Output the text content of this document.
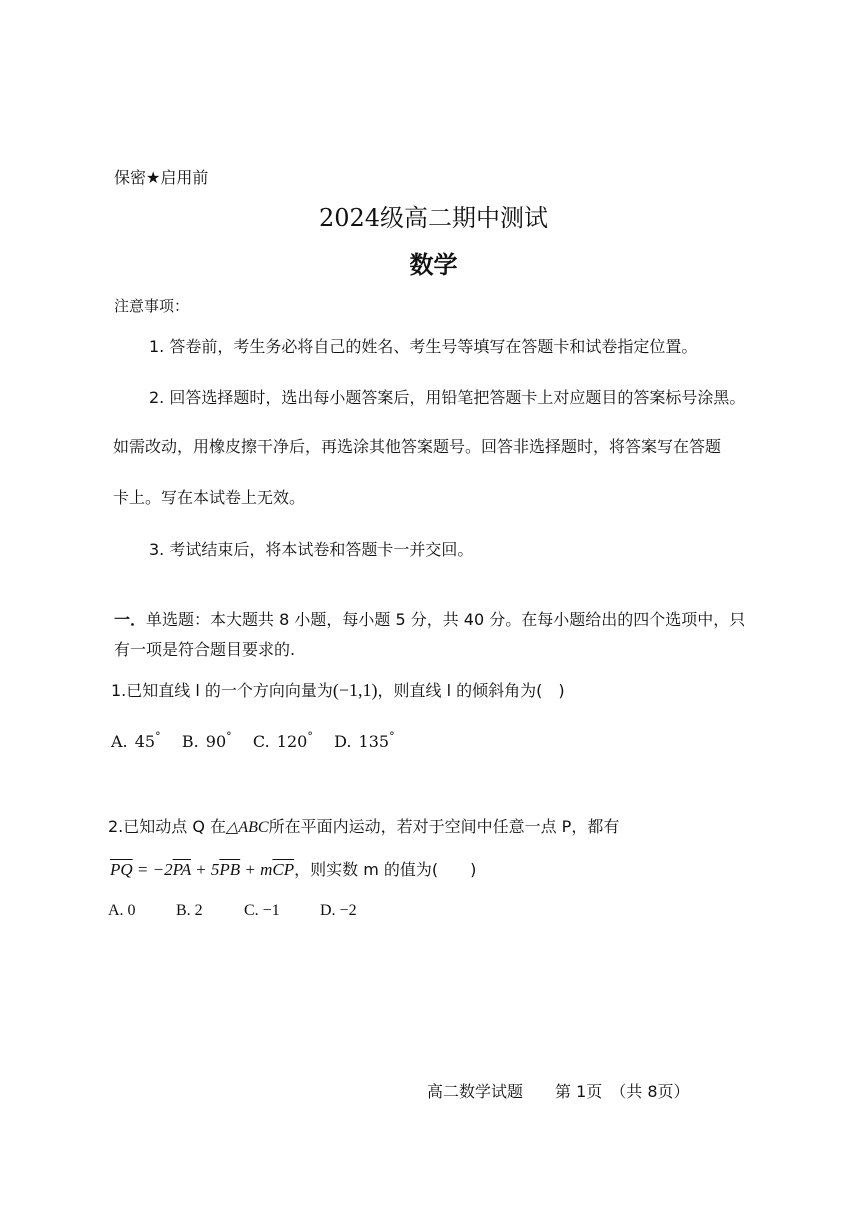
保密★启用前
2024级高二期中测试
数学
注意事项：
1. 答卷前，考生务必将自己的姓名、考生号等填写在答题卡和试卷指定位置。
2. 回答选择题时，选出每小题答案后，用铅笔把答题卡上对应题目的答案标号涂黑。
如需改动，用橡皮擦干净后，再选涂其他答案题号。回答非选择题时，将答案写在答题
卡上。写在本试卷上无效。
3. 考试结束后，将本试卷和答题卡一并交回。
一．单选题：本大题共 8 小题，每小题 5 分，共 40 分。在每小题给出的四个选项中，只
有一项是符合题目要求的.
1.已知直线 l 的一个方向向量为(−1,1)，则直线 l 的倾斜角为(　)
A. 45° B. 90° C. 120° D. 135°
2.已知动点 Q 在△ABC所在平面内运动，若对于空间中任意一点 P，都有
$\overline{PQ} = -2\overline{PA} + 5\overline{PB} + m\overline{CP}$，则实数 m 的值为(　　)
A. 0	B. 2	C. −1	D. −2
高二数学试题　　第 1页　（共 8页）
